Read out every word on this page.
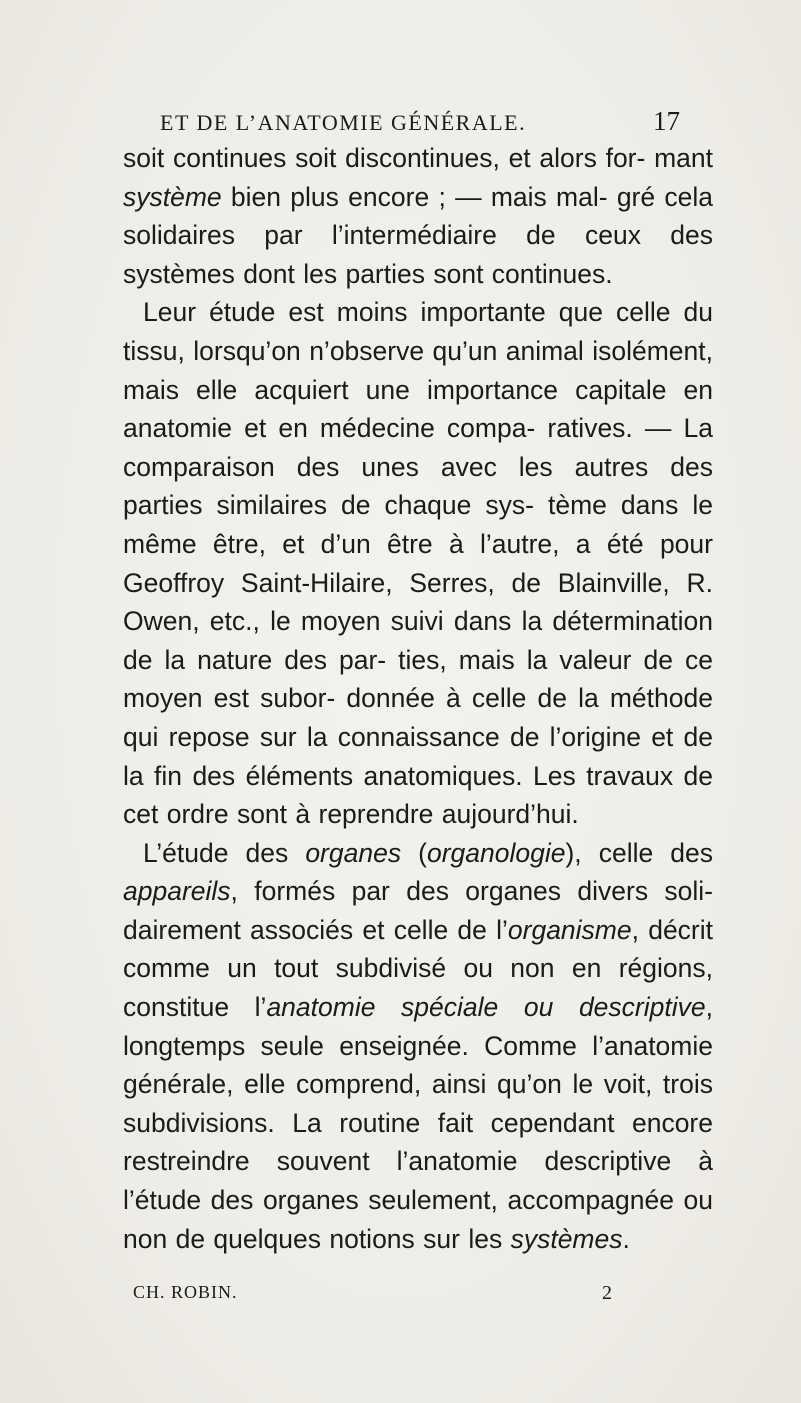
ET DE L’ANATOMIE GÉNÉRALE.	17

soit continues soit discontinues, et alors for- mant système bien plus encore ; — mais mal- gré cela solidaires par l’intermédiaire de ceux des systèmes dont les parties sont continues.

Leur étude est moins importante que celle du tissu, lorsqu’on n’observe qu’un animal isolément, mais elle acquiert une importance capitale en anatomie et en médecine compa- ratives. — La comparaison des unes avec les autres des parties similaires de chaque sys- tème dans le même être, et d’un être à l’autre, a été pour Geoffroy Saint-Hilaire, Serres, de Blainville, R. Owen, etc., le moyen suivi dans la détermination de la nature des par- ties, mais la valeur de ce moyen est subor- donnée à celle de la méthode qui repose sur la connaissance de l’origine et de la fin des éléments anatomiques. Les travaux de cet ordre sont à reprendre aujourd’hui.

L’étude des organes (organologie), celle des appareils, formés par des organes divers soli- dairement associés et celle de l’organisme, décrit comme un tout subdivisé ou non en régions, constitue l’anatomie spéciale ou descriptive, longtemps seule enseignée. Comme l’anatomie générale, elle comprend, ainsi qu’on le voit, trois subdivisions. La routine fait cependant encore restreindre souvent l’anatomie descriptive à l’étude des organes seulement, accompagnée ou non de quelques notions sur les systèmes.

CH. ROBIN.	2
